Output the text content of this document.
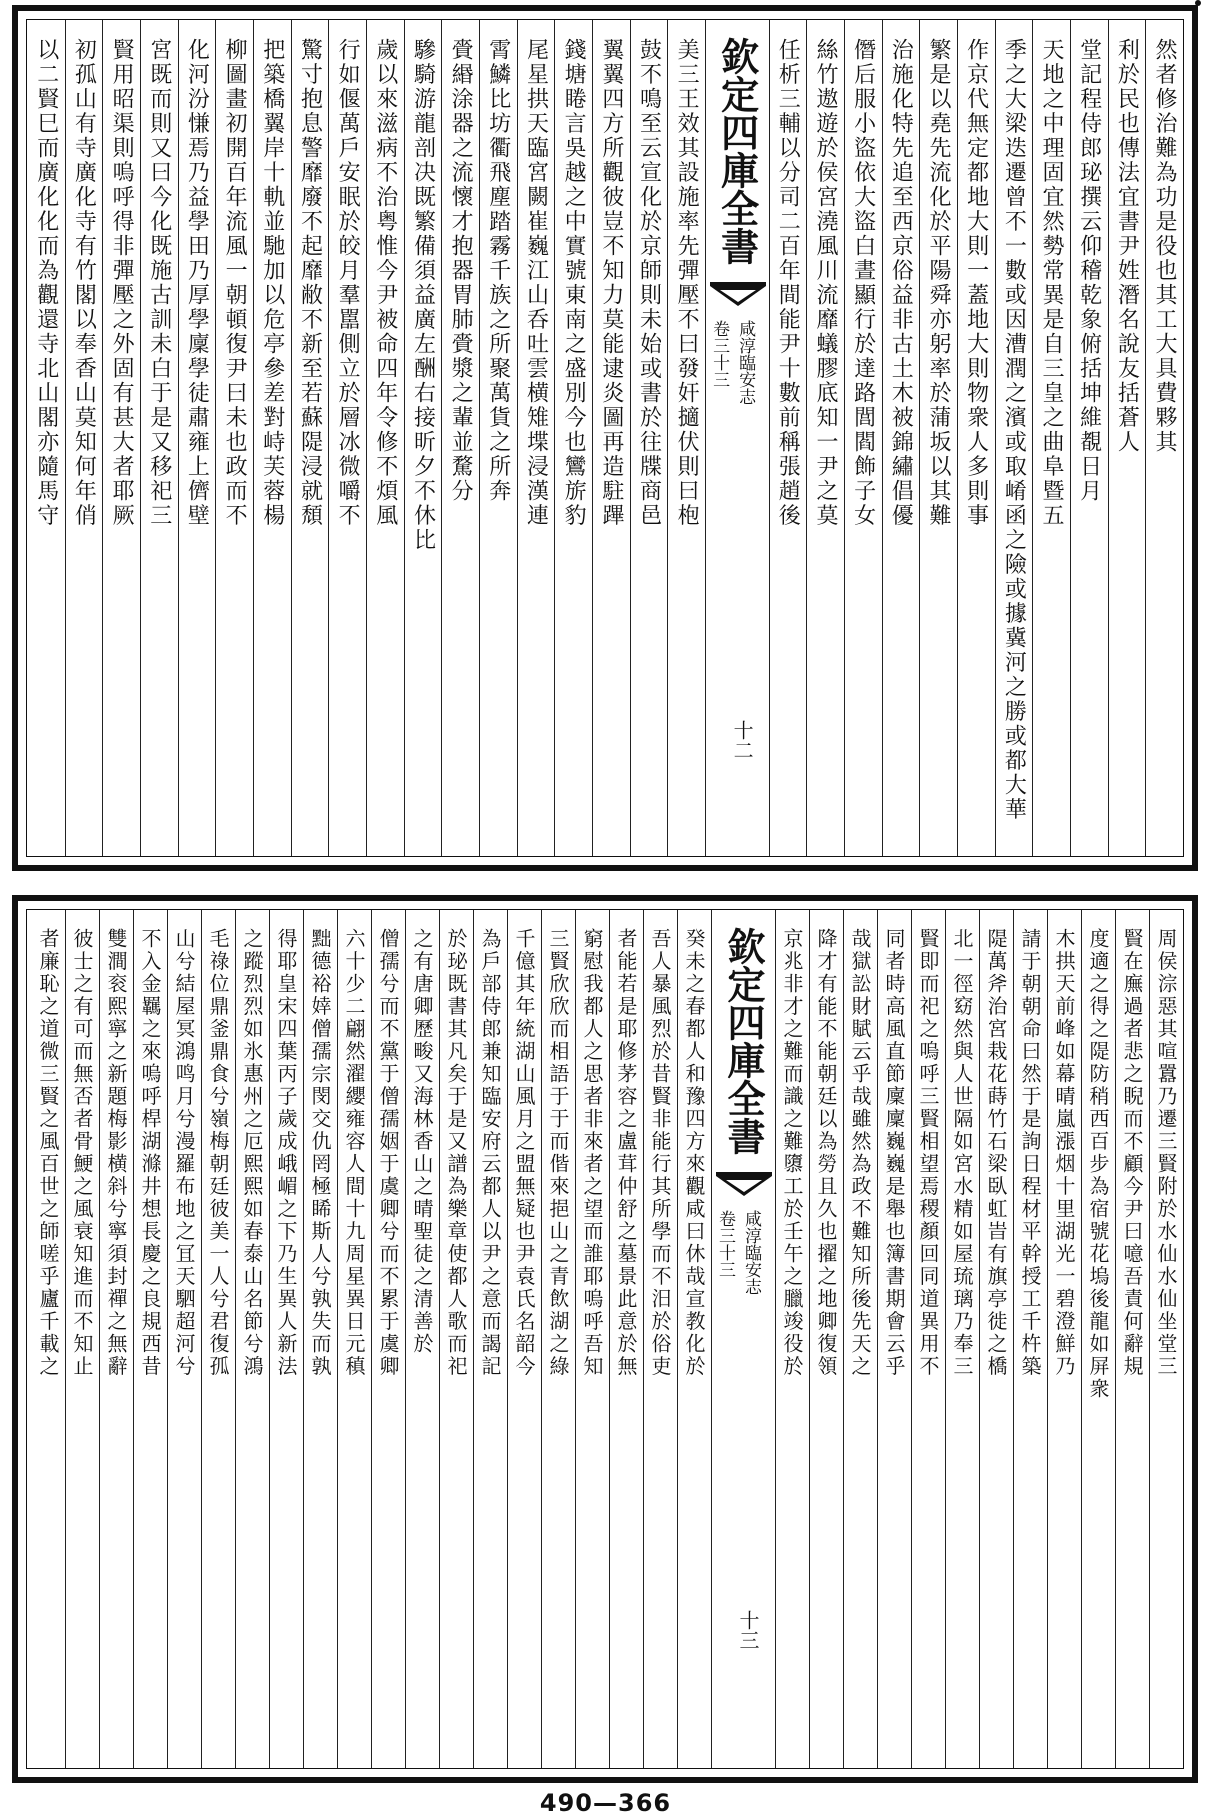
然者修治難為功是役也其工大具費夥其
利於民也傳法宜書尹姓潛名說友括蒼人
堂記程侍郎珌撰云仰稽乾象俯括坤維覩日月
天地之中理固宜然勢常異是自三皇之曲阜暨五
季之大梁迭遷曾不一數或因漕潤之濱或取崤函之險或據冀河之勝或都大華
作京代無定都地大則一蓋地大則物衆人多則事
繁是以堯先流化於平陽舜亦躬率於蒲坂以其難
治施化特先追至西京俗益非古土木被錦繡倡優
僭后服小盜依大盜白晝顯行於達路閭閻飾子女
絲竹遨遊於侯宮澆風川流靡蟻膠底知一尹之莫
任析三輔以分司二百年間能尹十數前稱張趙後
欽定四庫全書
卷三十三 咸淳臨安志
十二
美三王效其設施率先彈壓不曰發奸擿伏則曰枹
鼓不鳴至云宣化於京師則未始或書於往牒商邑
翼翼四方所觀彼豈不知力莫能逮炎圖再造駐蹕
錢塘睠言吳越之中實號東南之盛別今也鸞旂豹
尾星拱天臨宮闕崔巍江山呑吐雲横雉堞浸漢連
霄鱗比坊衢飛塵踏霧千族之所聚萬貨之所奔
賫緡涂器之流懷才抱器胃肺賫漿之輩並騖分
驂騎游龍剖决既繁備須益廣左酬右接昕夕不休比
歲以來滋病不治粤惟今尹被命四年令修不煩風
行如偃萬戶安眠於皎月羣嚚側立於層冰微嚼不
驚寸抱息警靡廢不起靡敝不新至若蘇隄浸就頹
把築橋翼岸十軌並馳加以危亭參差對峙芙蓉楊
柳圖畫初開百年流風一朝頓復尹曰未也政而不
化河汾慊焉乃益學田乃厚學廩學徒肅雍上儕壁
宮既而則又曰今化既施古訓未白于是又移祀三
賢用昭渠則嗚呼得非彈壓之外固有甚大者耶厥
初孤山有寺廣化寺有竹閣以奉香山莫知何年俏
以二賢巳而廣化化而為觀還寺北山閣亦隨馬守
周侯淙惡其喧囂乃遷三賢附於水仙水仙坐堂三
賢在廡過者悲之睨而不顧今尹曰噫吾責何辭規
度適之得之隄防稍西百步為宿號花塢後龍如屏衆
木拱天前峰如幕晴嵐漲烟十里湖光一碧澄鮮乃
請于朝朝命曰然于是詢日程材平幹授工千杵築
隄萬斧治宮栽花蒔竹石梁臥虹旹有旗亭徙之橋
北一徑窈然與人世隔如宮水精如屋琉璃乃奉三
賢即而祀之嗚呼三賢相望焉稷顏回同道異用不
同者時高風直節廩廩巍巍是舉也簿書期會云乎
哉獄訟財賦云乎哉雖然為政不難知所後先天之
降才有能不能朝廷以為勞且久也擢之地卿復領
京兆非才之難而識之難隳工於壬午之臘竣役於
欽定四庫全書
卷三十三 咸淳臨安志
十三
癸未之春都人和豫四方來觀咸曰休哉宣教化於
吾人暴風烈於昔賢非能行其所學而不汨於俗吏
者能若是耶修茅容之盧茸仲舒之墓景此意於無
窮慰我都人之思者非來者之望而誰耶嗚呼吾知
三賢欣欣而相語于于而偕來挹山之青飲湖之綠
千億其年統湖山風月之盟無疑也尹袁氏名韶今
為戶部侍郎兼知臨安府云都人以尹之意而謁記
於珌既書其凡矣于是又譜為樂章使都人歌而祀
之有唐卿歷畯又海林香山之晴聖徒之清善於
僧孺兮而不黨于僧孺姻于虞卿兮而不累于虞卿
六十少二翩然濯纓雍容人間十九周星異日元稹
黜德裕婞僧孺宗閔交仇罔極睎斯人兮孰失而孰
得耶皇宋四葉丙子歲成峨嵋之下乃生異人新法
之蹤烈烈如氷惠州之厄熙熙如春泰山名節兮鴻
毛祿位鼎釜鼎食兮嶺梅朝廷彼美一人兮君復孤
山兮結屋冥鴻鸣月兮漫羅布地之冝天駟超河兮
不入金羈之來嗚呼桿湖滌井想長慶之良規西昔
雙澗衮熙寧之新題梅影横斜兮寧須封禪之無辭
彼士之有可而無否者骨鯁之風衰知進而不知止
者廉恥之道微三賢之風百世之師嗟乎廬千載之
490—366
